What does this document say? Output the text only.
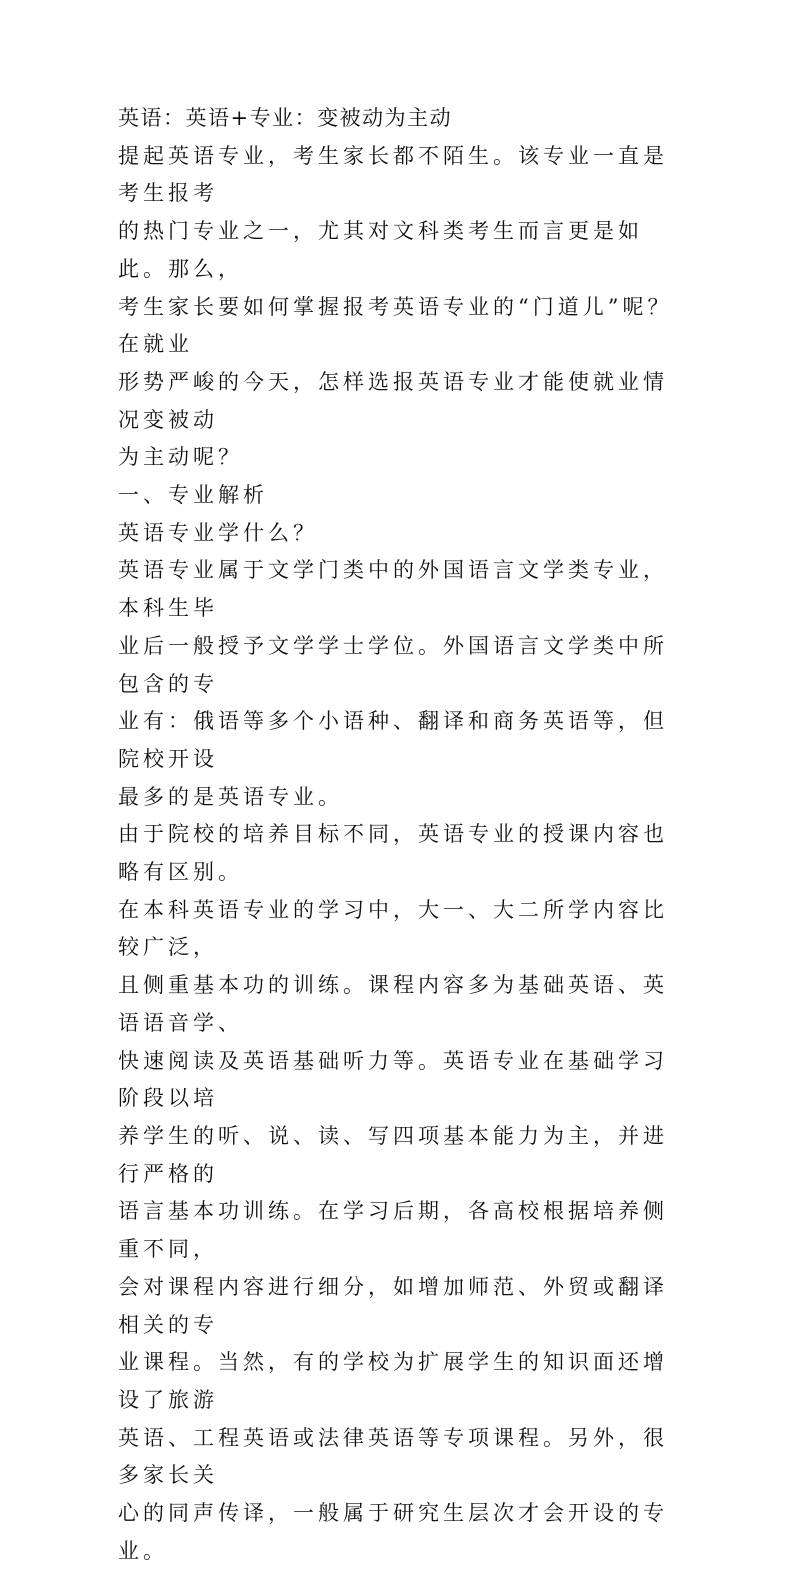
英语：英语+专业：变被动为主动
提起英语专业，考生家长都不陌生。该专业一直是考生报考
的热门专业之一，尤其对文科类考生而言更是如此。那么，
考生家长要如何掌握报考英语专业的“门道儿”呢？在就业
形势严峻的今天，怎样选报英语专业才能使就业情况变被动
为主动呢？
一、专业解析
英语专业学什么？
英语专业属于文学门类中的外国语言文学类专业，本科生毕
业后一般授予文学学士学位。外国语言文学类中所包含的专
业有：俄语等多个小语种、翻译和商务英语等，但院校开设
最多的是英语专业。
由于院校的培养目标不同，英语专业的授课内容也略有区别。
在本科英语专业的学习中，大一、大二所学内容比较广泛，
且侧重基本功的训练。课程内容多为基础英语、英语语音学、
快速阅读及英语基础听力等。英语专业在基础学习阶段以培
养学生的听、说、读、写四项基本能力为主，并进行严格的
语言基本功训练。在学习后期，各高校根据培养侧重不同，
会对课程内容进行细分，如增加师范、外贸或翻译相关的专
业课程。当然，有的学校为扩展学生的知识面还增设了旅游
英语、工程英语或法律英语等专项课程。另外，很多家长关
心的同声传译，一般属于研究生层次才会开设的专业。
